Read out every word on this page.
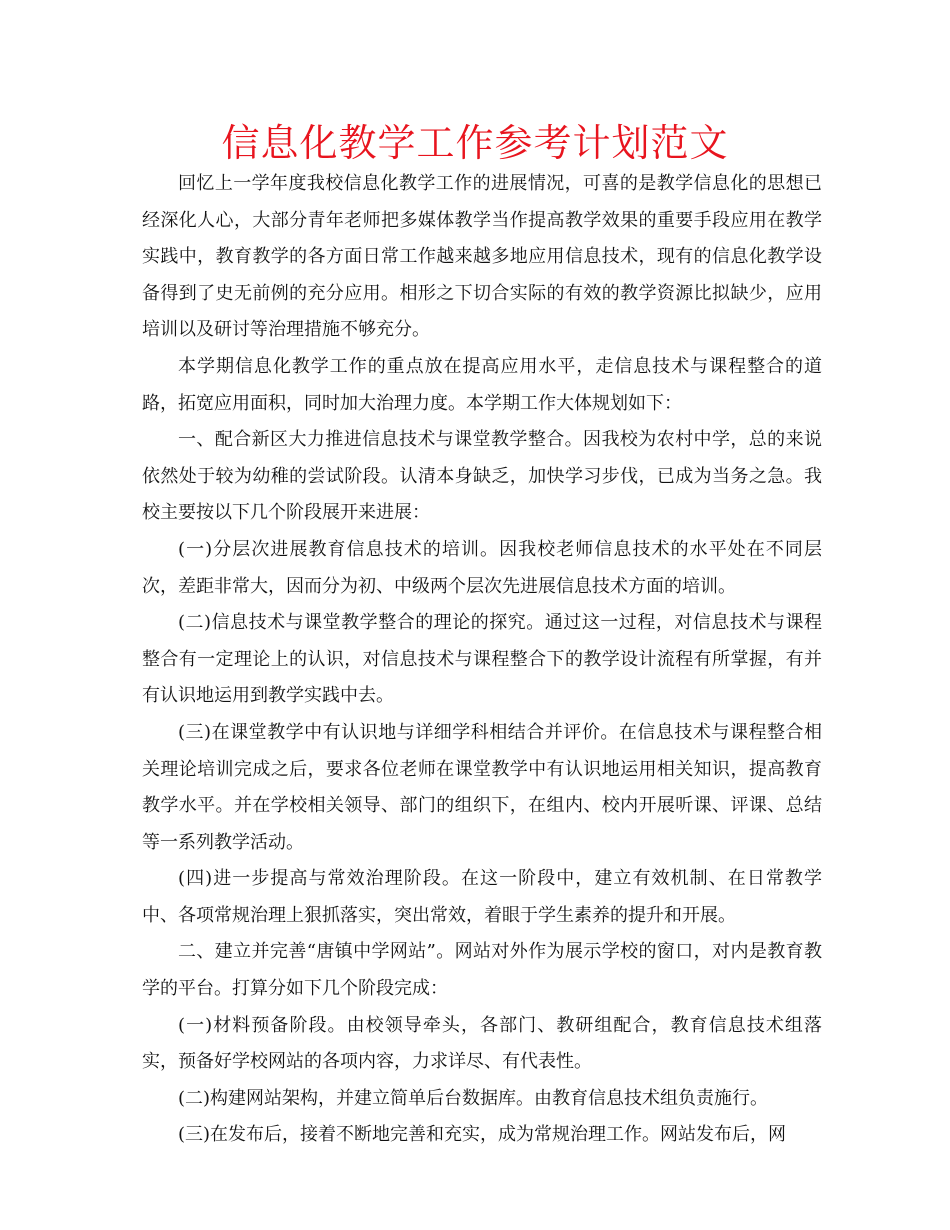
信息化教学工作参考计划范文

回忆上一学年度我校信息化教学工作的进展情况，可喜的是教学信息化的思想已经深化人心，大部分青年老师把多媒体教学当作提高教学效果的重要手段应用在教学实践中，教育教学的各方面日常工作越来越多地应用信息技术，现有的信息化教学设备得到了史无前例的充分应用。相形之下切合实际的有效的教学资源比拟缺少，应用培训以及研讨等治理措施不够充分。

本学期信息化教学工作的重点放在提高应用水平，走信息技术与课程整合的道路，拓宽应用面积，同时加大治理力度。本学期工作大体规划如下：

一、配合新区大力推进信息技术与课堂教学整合。因我校为农村中学，总的来说依然处于较为幼稚的尝试阶段。认清本身缺乏，加快学习步伐，已成为当务之急。我校主要按以下几个阶段展开来进展：

(一)分层次进展教育信息技术的培训。因我校老师信息技术的水平处在不同层次，差距非常大，因而分为初、中级两个层次先进展信息技术方面的培训。

(二)信息技术与课堂教学整合的理论的探究。通过这一过程，对信息技术与课程整合有一定理论上的认识，对信息技术与课程整合下的教学设计流程有所掌握，有并有认识地运用到教学实践中去。

(三)在课堂教学中有认识地与详细学科相结合并评价。在信息技术与课程整合相关理论培训完成之后，要求各位老师在课堂教学中有认识地运用相关知识，提高教育教学水平。并在学校相关领导、部门的组织下，在组内、校内开展听课、评课、总结等一系列教学活动。

(四)进一步提高与常效治理阶段。在这一阶段中，建立有效机制、在日常教学中、各项常规治理上狠抓落实，突出常效，着眼于学生素养的提升和开展。

二、建立并完善“唐镇中学网站”。网站对外作为展示学校的窗口，对内是教育教学的平台。打算分如下几个阶段完成：

(一)材料预备阶段。由校领导牵头，各部门、教研组配合，教育信息技术组落实，预备好学校网站的各项内容，力求详尽、有代表性。

(二)构建网站架构，并建立简单后台数据库。由教育信息技术组负责施行。

(三)在发布后，接着不断地完善和充实，成为常规治理工作。网站发布后，网
